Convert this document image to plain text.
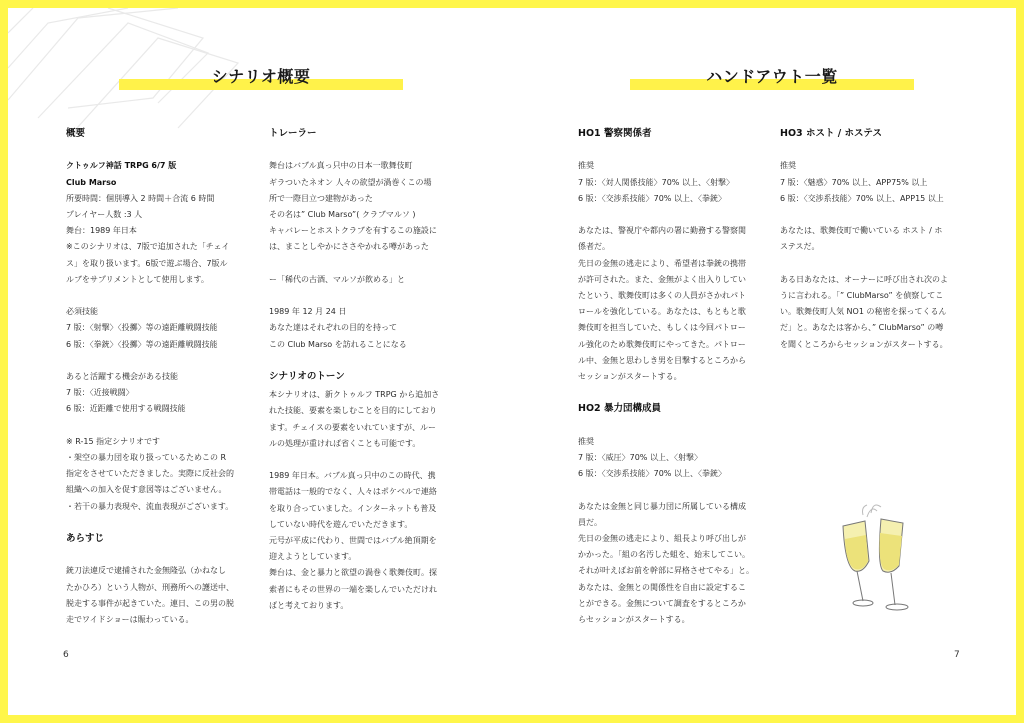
シナリオ概要	ハンドアウト一覧
概要
クトゥルフ神話 TRPG 6/7 版
Club Marso
所要時間：個別導入 2 時間＋合流 6 時間
プレイヤー人数 :3 人
舞台：1989 年日本
※このシナリオは、7版で追加された「チェイ
ス」を取り扱います。6版で遊ぶ場合、7版ル
ルブをサプリメントとして使用します。
必須技能
7 版：〈射撃〉〈投擲〉等の遠距離戦闘技能
6 版：〈拳銃〉〈投擲〉等の遠距離戦闘技能
あると活躍する機会がある技能
7 版：〈近接戦闘〉
6 版：近距離で使用する戦闘技能
※ R-15 指定シナリオです
・架空の暴力団を取り扱っているためこの R
指定をさせていただきました。実際に反社会的
組織への加入を促す意図等はございません。
・若干の暴力表現や、流血表現がございます。
あらすじ
銃刀法違反で逮捕された金無隆弘（かねなし
たかひろ）という人物が、刑務所への護送中、
脱走する事件が起きていた。連日、この男の脱
走でワイドショーは賑わっている。
トレーラー
舞台はバブル真っ只中の日本一歌舞伎町
ギラついたネオン 人々の欲望が渦巻くこの場
所で一際目立つ建物があった
その名は” Club Marso”( クラブマルソ )
キャバレーとホストクラブを有するこの施設に
は、まことしやかにささやかれる噂があった
ー「稀代の古酒、マルソが飲める」と
1989 年 12 月 24 日
あなた達はそれぞれの目的を持って
この Club Marso を訪れることになる
シナリオのトーン
本シナリオは、新クトゥルフ TRPG から追加さ
れた技能、要素を楽しむことを目的にしており
ます。チェイスの要素をいれていますが、ルー
ルの処理が重ければ省くことも可能です。
1989 年日本。バブル真っ只中のこの時代、携
帯電話は一般的でなく、人々はポケベルで連絡
を取り合っていました。インターネットも普及
していない時代を遊んでいただきます。
元号が平成に代わり、世間ではバブル絶頂期を
迎えようとしています。
舞台は、金と暴力と欲望の渦巻く歌舞伎町。探
索者にもその世界の一端を楽しんでいただけれ
ばと考えております。
HO1 警察関係者
推奨
7 版：〈対人関係技能〉70% 以上、〈射撃〉
6 版：〈交渉系技能〉70% 以上、〈拳銃〉
あなたは、警視庁や都内の署に勤務する警察関
係者だ。
先日の金無の逃走により、希望者は拳銃の携帯
が許可された。また、金無がよく出入りしてい
たという、歌舞伎町は多くの人員がさかれパト
ロールを強化している。あなたは、もともと歌
舞伎町を担当していた、もしくは今回パトロー
ル強化のため歌舞伎町にやってきた。パトロー
ル中、金無と思わしき男を目撃するところから
セッションがスタートする。
HO2 暴力団構成員
推奨
7 版：〈威圧〉70% 以上、〈射撃〉
6 版：〈交渉系技能〉70% 以上、〈拳銃〉
あなたは金無と同じ暴力団に所属している構成
員だ。
先日の金無の逃走により、組長より呼び出しが
かかった。「組の名汚した蛆を、始末してこい。
それが叶えばお前を幹部に昇格させてやる」と。
あなたは、金無との関係性を自由に設定するこ
とができる。金無について調査をするところか
らセッションがスタートする。
HO3 ホスト / ホステス
推奨
7 版：〈魅惑〉70% 以上、APP75% 以上
6 版：〈交渉系技能〉70% 以上、APP15 以上
あなたは、歌舞伎町で働いている ホスト / ホ
ステスだ。
ある日あなたは、オーナーに呼び出され次のよ
うに言われる。「” ClubMarso” を偵察してこ
い。歌舞伎町人気 NO1 の秘密を探ってくるん
だ」と。あなたは客から、” ClubMarso” の噂
を聞くところからセッションがスタートする。
6	7
